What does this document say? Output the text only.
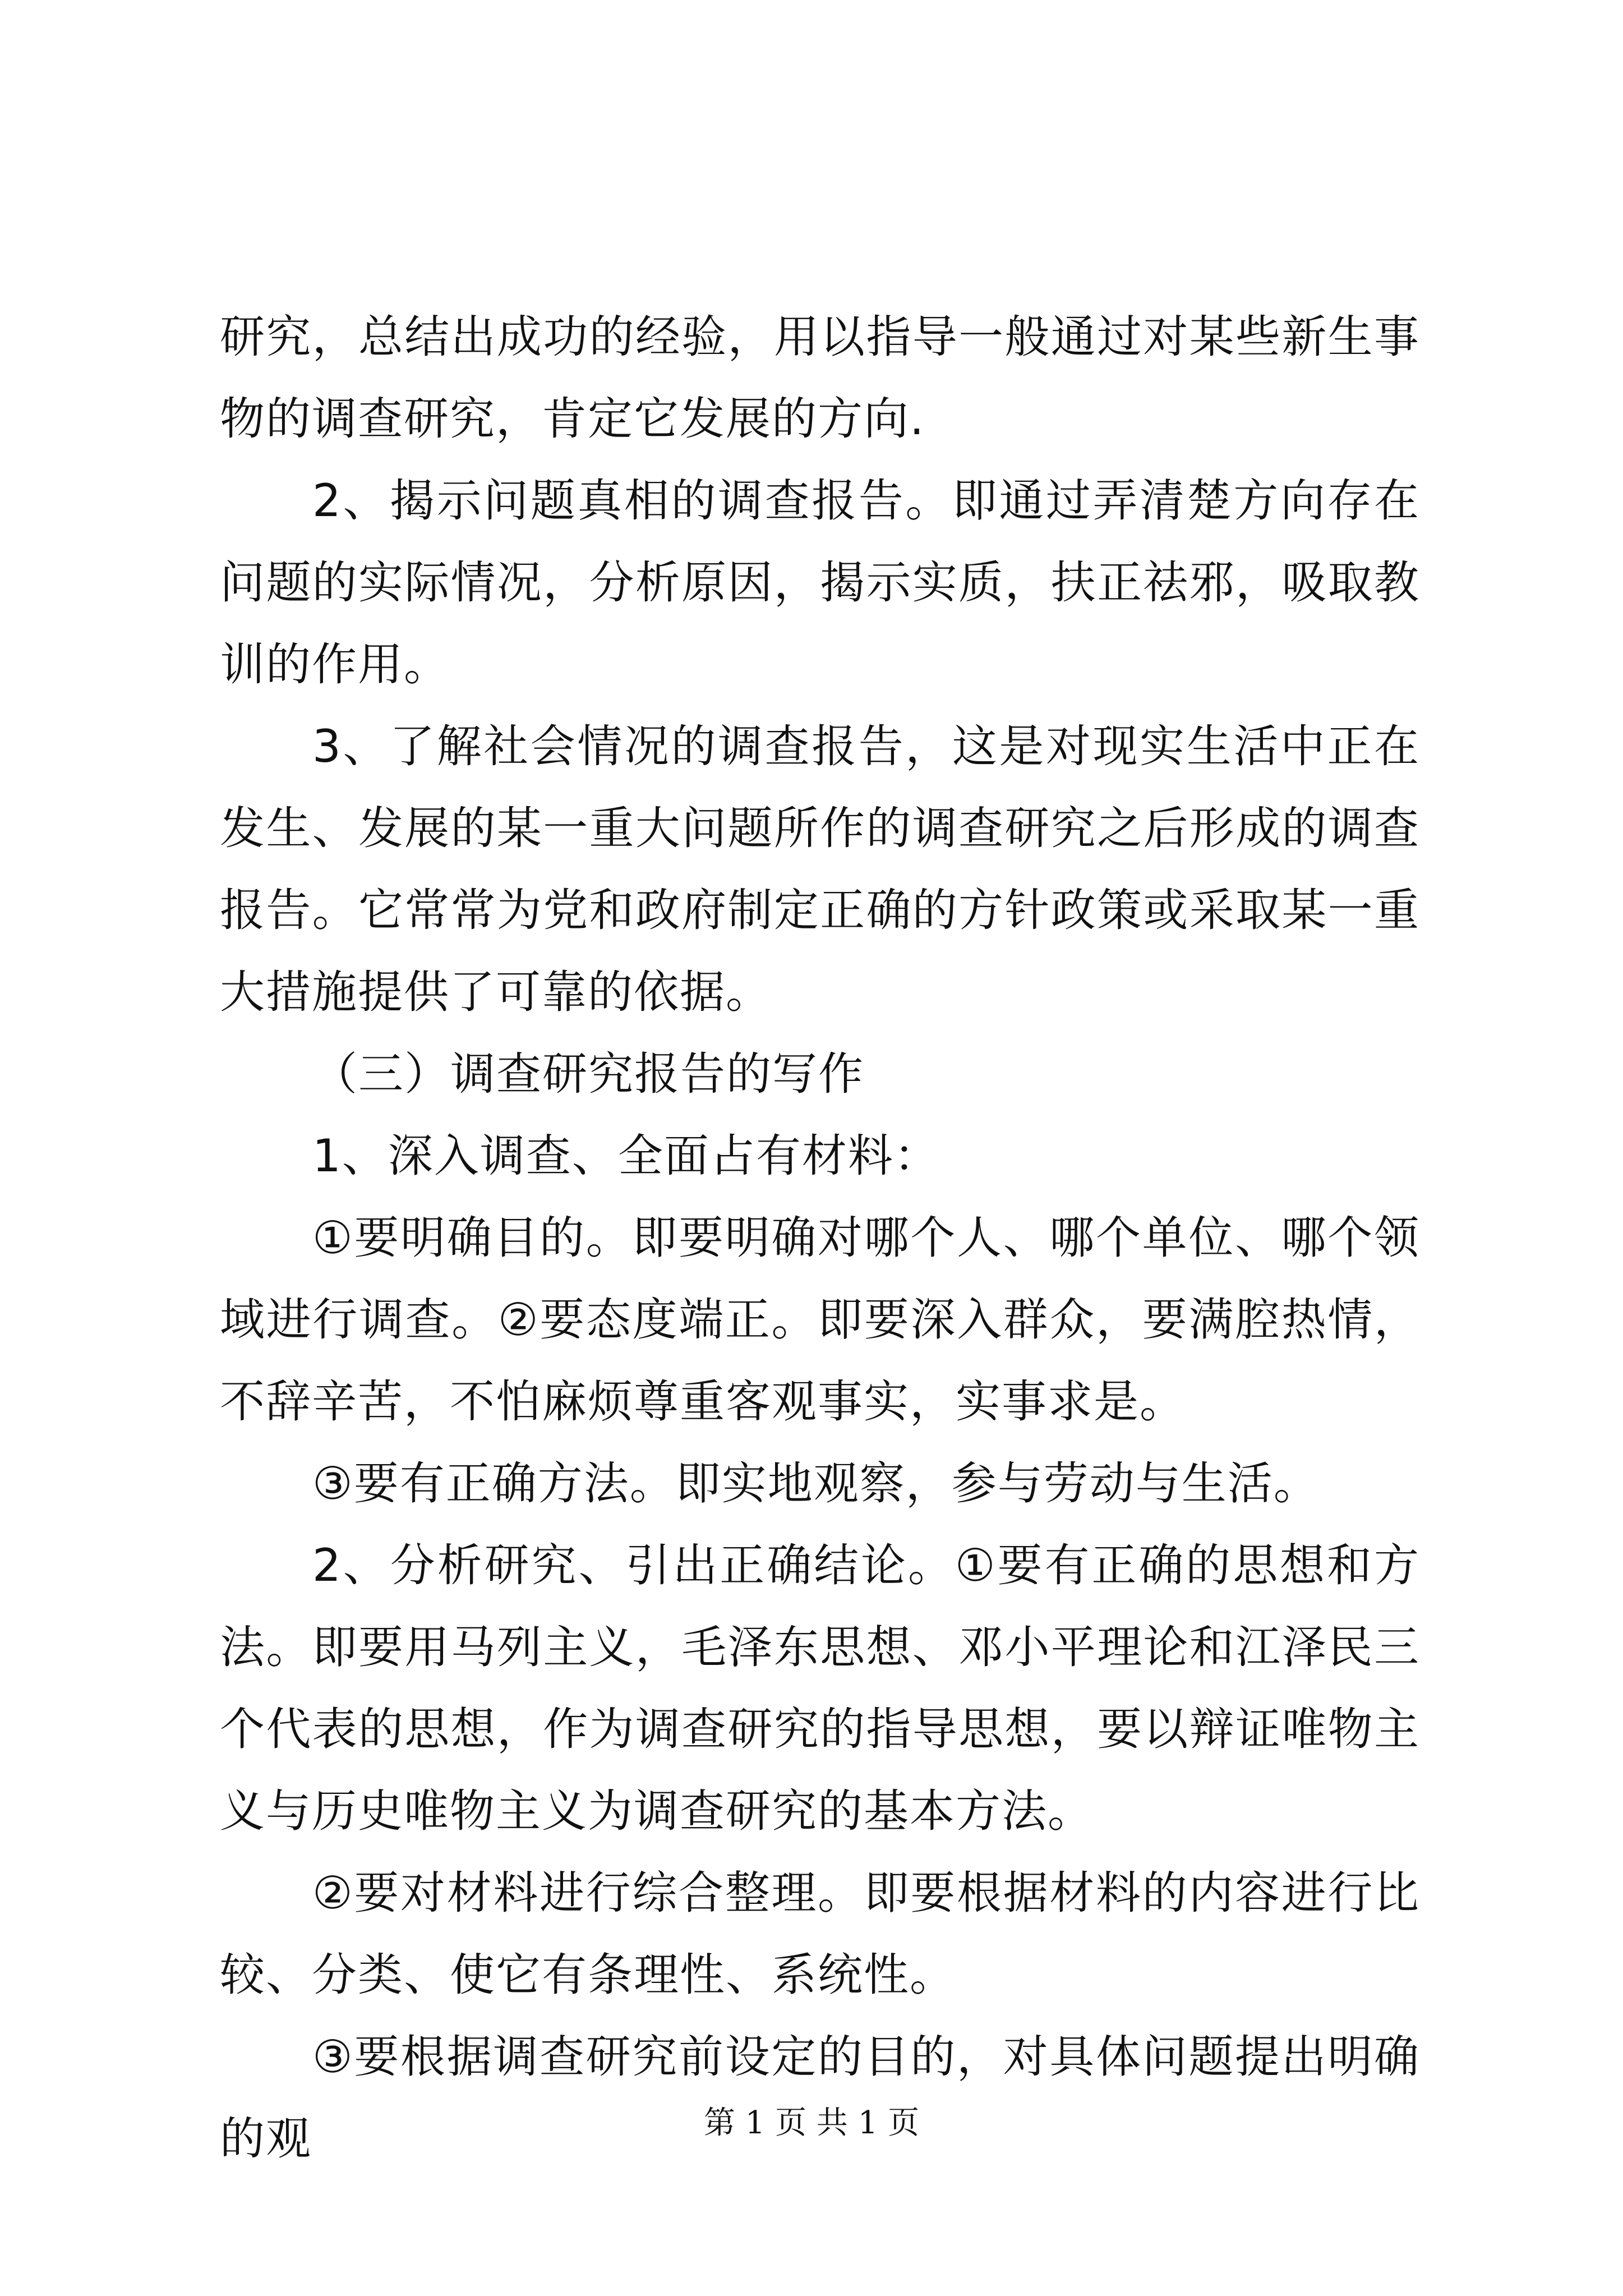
研究，总结出成功的经验，用以指导一般通过对某些新生事物的调查研究，肯定它发展的方向.

2、揭示问题真相的调查报告。即通过弄清楚方向存在问题的实际情况，分析原因，揭示实质，扶正祛邪，吸取教训的作用。

3、了解社会情况的调查报告，这是对现实生活中正在发生、发展的某一重大问题所作的调查研究之后形成的调查报告。它常常为党和政府制定正确的方针政策或采取某一重大措施提供了可靠的依据。

（三）调查研究报告的写作

1、深入调查、全面占有材料：

①要明确目的。即要明确对哪个人、哪个单位、哪个领域进行调查。②要态度端正。即要深入群众，要满腔热情，不辞辛苦，不怕麻烦尊重客观事实，实事求是。

③要有正确方法。即实地观察，参与劳动与生活。

2、分析研究、引出正确结论。①要有正确的思想和方法。即要用马列主义，毛泽东思想、邓小平理论和江泽民三个代表的思想，作为调查研究的指导思想，要以辩证唯物主义与历史唯物主义为调查研究的基本方法。

②要对材料进行综合整理。即要根据材料的内容进行比较、分类、使它有条理性、系统性。

③要根据调查研究前设定的目的，对具体问题提出明确的观	第 1 页 共 1 页
